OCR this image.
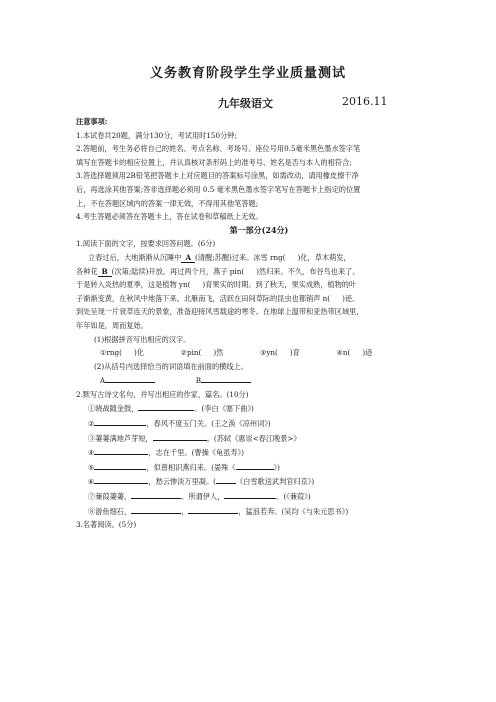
义务教育阶段学生学业质量测试
九年级语文	2016.11
注意事项:
1.本试卷共20题，满分130分，考试用时150分钟;
2.答题前，考生务必将自己的姓名、考点名称、考场号、座位号用0.5毫米黑色墨水签字笔
填写在答题卡的相应位置上，并认真核对条形码上的准考号、姓名是否与本人的相符合;
3.答选择题须用2B铅笔把答题卡上对应题目的答案标号涂黑，如需改动，请用橡皮擦干净
后，再选涂其他答案;答非选择题必须用 0.5 毫米黑色墨水签字笔写在答题卡上指定的位置
上，不在答题区域内的答案一律无效，不得用其他笔答题;
4.考生答题必须答在答题卡上，答在试卷和草稿纸上无效。
第一部分(24分)
1.阅读下面的文字，按要求回答问题。(6分)
立春过后，大地渐渐从沉睡中 A (清醒;苏醒)过来。冰雪 rng( )化，草木萌发，
各种花 B (次第;陆续)开放。再过两个月，燕子 pin( )然归来。不久，布谷鸟也来了。
于是转入炎热的夏季，这是植物 yn( )育果实的时期。到了秋天，果实成熟，植物的叶
子渐渐变黄，在秋风中地落下来。北雁南飞，活跃在田间草际的昆虫也都销声 n( )迹。
到处呈现一片衰草连天的景象，准备迎接风雪载途的寒冬。在地球上温带和亚热带区域里，
年年如是，周而复始。
(1)根据拼音写出相应的汉字。
①rng( )化	②pin( )然	③yn( )育	④n( )迹
(2)从括号内选择恰当的词语填在前面的横线上。
A	B
2.默写古诗文名句，并写出相应的作家、篇名。(10分)
①晓战随金鼓，	。(李白《塞下曲》)
②	，春风不度玉门关。(王之涣《凉州词》)
③萋萋满地芦芽短，	。(苏轼《惠崇<春江晚景>》
④	，志在千里。(曹操《龟虽寿》)
⑤	，似曾相识燕归来。(晏殊《	》)
⑥	，愁云惨淡万里凝。(	《白雪歌送武判官归京》)
⑦蒹葭萋萋，	。所谓伊人，	。(《蒹葭》)
⑧游鱼细石，	，	，猛浪若奔。(吴均《与朱元思书》)
3.名著阅读。(5分)
